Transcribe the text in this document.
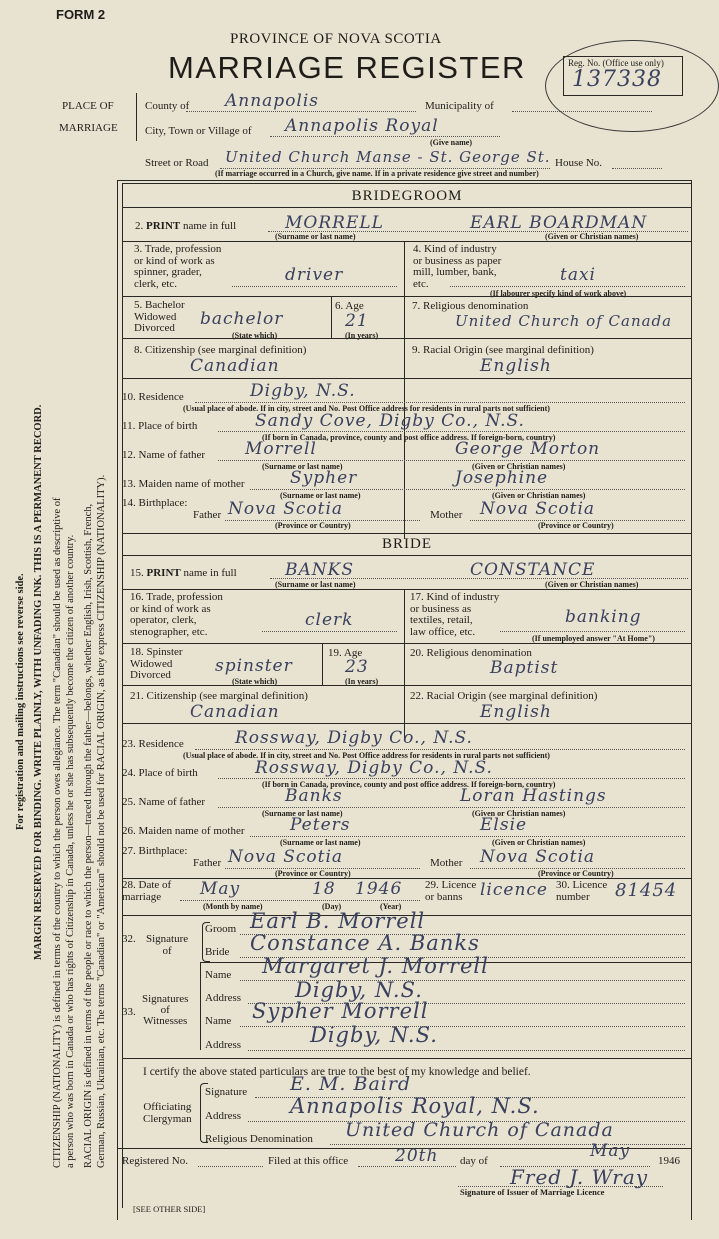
FORM 2
PROVINCE OF NOVA SCOTIA
MARRIAGE REGISTER	Reg. No. (Office use only)
137338
PLACE OF
MARRIAGE
County of Annapolis	Municipality of
City, Town or Village of Annapolis Royal
(Give name)
Street or Road United Church Manse - St. George St. House No.
(If marriage occurred in a Church, give name. If in a private residence give street and number)
BRIDEGROOM
2. PRINT name in full	MORRELL	EARL BOARDMAN
(Surname or last name)	(Given or Christian names)
3. Trade, profession
or kind of work as
spinner, grader,
clerk, etc.	driver
4. Kind of industry
or business as paper
mill, lumber, bank,
etc.	taxi
(If labourer specify kind of work above)
5. Bachelor
Widowed
Divorced	bachelor
(State which)
6. Age
21
(In years)
7. Religious denomination
United Church of Canada
8. Citizenship (see marginal definition)
Canadian
9. Racial Origin (see marginal definition)
English
10. Residence	Digby, N.S.
(Usual place of abode. If in city, street and No. Post Office address for residents in rural parts not sufficient)
11. Place of birth	Sandy Cove, Digby Co., N.S.
(If born in Canada, province, county and post office address. If foreign-born, country)
12. Name of father Morrell	George Morton
(Surname or last name)	(Given or Christian names)
13. Maiden name of mother	Sypher	Josephine
(Surname or last name)	(Given or Christian names)
14. Birthplace:
Father Nova Scotia	Mother Nova Scotia
(Province or Country)	(Province or Country)
BRIDE
15. PRINT name in full	BANKS	CONSTANCE
(Surname or last name)	(Given or Christian names)
16. Trade, profession
or kind of work as
operator, clerk,
stenographer, etc.
clerk
17. Kind of industry
or business as
textiles, retail,
law office, etc.
banking
(If unemployed answer "At Home")
18. Spinster
Widowed
Divorced	spinster
(State which)
19. Age
23
(In years)
20. Religious denomination
Baptist
21. Citizenship (see marginal definition)
Canadian
22. Racial Origin (see marginal definition)
English
23. Residence	Rossway, Digby Co., N.S.
(Usual place of abode. If in city, street and No. Post Office address for residents in rural parts not sufficient)
24. Place of birth	Rossway, Digby Co., N.S.
(If born in Canada, province, county and post office address. If foreign-born, country)
25. Name of father	Banks	Loran Hastings
(Surname or last name)	(Given or Christian names)
26. Maiden name of mother	Peters	Elsie
(Surname or last name)	(Given or Christian names)
27. Birthplace:
Father Nova Scotia	Mother Nova Scotia
(Province or Country)	(Province or Country)
28. Date of
marriage	May	18 1946
(Month by name)	(Day)	(Year)
29. Licence
or banns	licence 30. Licence
number	81454
32. Signature
of
Groom Earl B. Morrell
Bride Constance A. Banks
33.
Signatures
of
Witnesses
Name Margaret J. Morrell
Address	Digby, N.S.
Name Sypher Morrell
Address	Digby, N.S.
I certify the above stated particulars are true to the best of my knowledge and belief.
Officiating
Clergyman
Signature E. M. Baird
Address Annapolis Royal, N.S.
Religious Denomination United Church of Canada
Registered No.	Filed at this office	20th day of	May	1946
Fred J. Wray
Signature of Issuer of Marriage Licence
[SEE OTHER SIDE]
For registration and mailing instructions see reverse side. MARGIN RESERVED FOR BINDING. WRITE PLAINLY, WITH UNFADING INK. THIS IS A PERMANENT RECORD. CITIZENSHIP (NATIONALITY) is defined in terms of the country to which the person owes allegiance. The term "Canadian" should be used as descriptive of a person who was born in Canada or who has rights of Citizenship in Canada, unless he or she has subsequently become the citizen of another country. RACIAL ORIGIN is defined in terms of the people or race to which the person—traced through the father—belongs, whether English, Irish, Scottish, French, German, Russian, Ukrainian, etc. The terms "Canadian" or "American" should not be used for RACIAL ORIGIN, as they express CITIZENSHIP (NATIONALITY).
